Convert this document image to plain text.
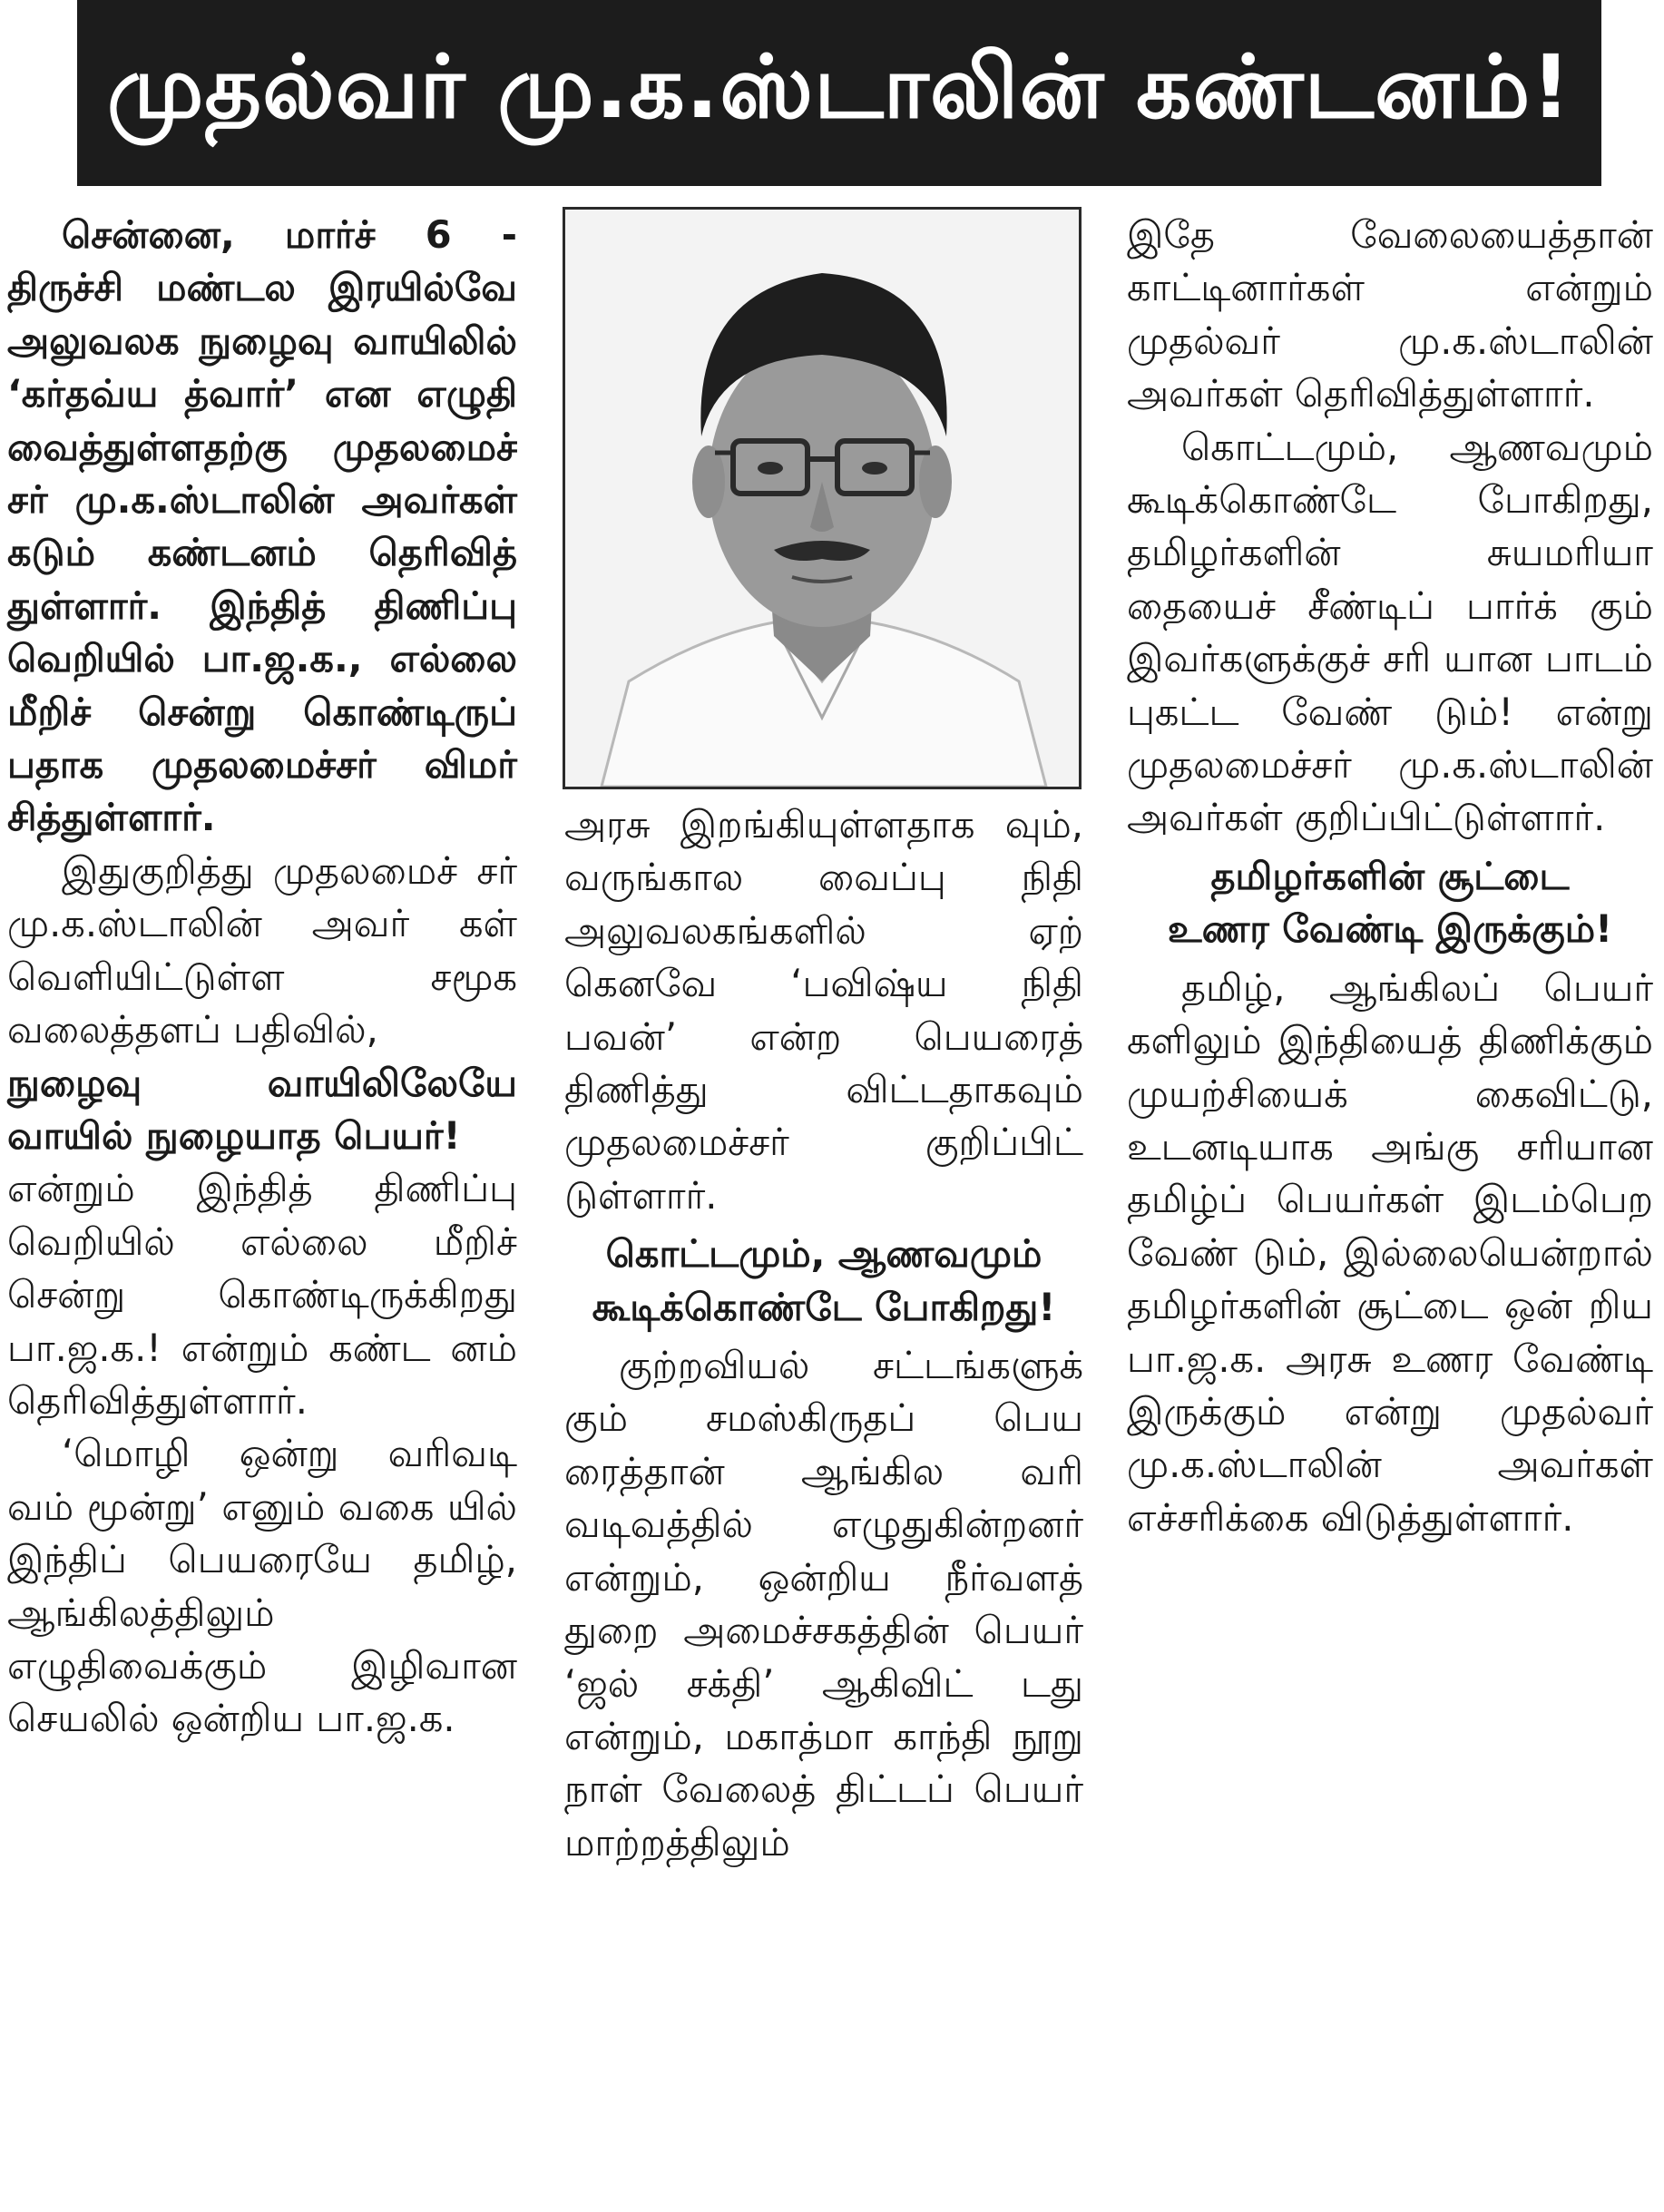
முதல்வர் மு.க.ஸ்டாலின் கண்டனம்!

சென்னை, மார்ச் 6 - திருச்சி மண்டல இரயில்வே அலுவலக நுழைவு வாயிலில் ‘கர்தவ்ய த்வார்’ என எழுதி வைத்துள்ளதற்கு முதலமைச் சர் மு.க.ஸ்டாலின் அவர்கள் கடும் கண்டனம் தெரிவித் துள்ளார். இந்தித் திணிப்பு வெறியில் பா.ஜ.க., எல்லை மீறிச் சென்று கொண்டிருப் பதாக முதலமைச்சர் விமர் சித்துள்ளார்.

இதுகுறித்து முதலமைச் சர் மு.க.ஸ்டாலின் அவர் கள் வெளியிட்டுள்ள சமூக வலைத்தளப் பதிவில்,

நுழைவு வாயிலிலேயே வாயில் நுழையாத பெயர்!

என்றும் இந்தித் திணிப்பு வெறியில் எல்லை மீறிச் சென்று கொண்டிருக்கிறது பா.ஜ.க.! என்றும் கண்ட னம் தெரிவித்துள்ளார்.

‘மொழி ஒன்று வரிவடி வம் மூன்று’ எனும் வகை யில் இந்திப் பெயரையே தமிழ், ஆங்கிலத்திலும் எழுதிவைக்கும் இழிவான செயலில் ஒன்றிய பா.ஜ.க.

அரசு இறங்கியுள்ளதாக வும், வருங்கால வைப்பு நிதி அலுவலகங்களில் ஏற் கெனவே ‘பவிஷ்ய நிதி பவன்’ என்ற பெயரைத் திணித்து விட்டதாகவும் முதலமைச்சர் குறிப்பிட் டுள்ளார்.

கொட்டமும், ஆணவமும்
கூடிக்கொண்டே போகிறது!

குற்றவியல் சட்டங்களுக் கும் சமஸ்கிருதப் பெய ரைத்தான் ஆங்கில வரி வடிவத்தில் எழுதுகின்றனர் என்றும், ஒன்றிய நீர்வளத் துறை அமைச்சகத்தின் பெயர் ‘ஜல் சக்தி’ ஆகிவிட் டது என்றும், மகாத்மா காந்தி நூறு நாள் வேலைத் திட்டப் பெயர் மாற்றத்திலும்

இதே வேலையைத்தான் காட்டினார்கள் என்றும் முதல்வர் மு.க.ஸ்டாலின் அவர்கள் தெரிவித்துள்ளார்.

கொட்டமும், ஆணவமும் கூடிக்கொண்டே போகிறது, தமிழர்களின் சுயமரியா தையைச் சீண்டிப் பார்க் கும் இவர்களுக்குச் சரி யான பாடம் புகட்ட வேண் டும்! என்று முதலமைச்சர் மு.க.ஸ்டாலின் அவர்கள் குறிப்பிட்டுள்ளார்.

தமிழர்களின் சூட்டை
உணர வேண்டி இருக்கும்!

தமிழ், ஆங்கிலப் பெயர் களிலும் இந்தியைத் திணிக்கும் முயற்சியைக் கைவிட்டு, உடனடியாக அங்கு சரியான தமிழ்ப் பெயர்கள் இடம்பெற வேண் டும், இல்லையென்றால் தமிழர்களின் சூட்டை ஒன் றிய பா.ஜ.க. அரசு உணர வேண்டி இருக்கும் என்று முதல்வர் மு.க.ஸ்டாலின் அவர்கள் எச்சரிக்கை விடுத்துள்ளார்.
